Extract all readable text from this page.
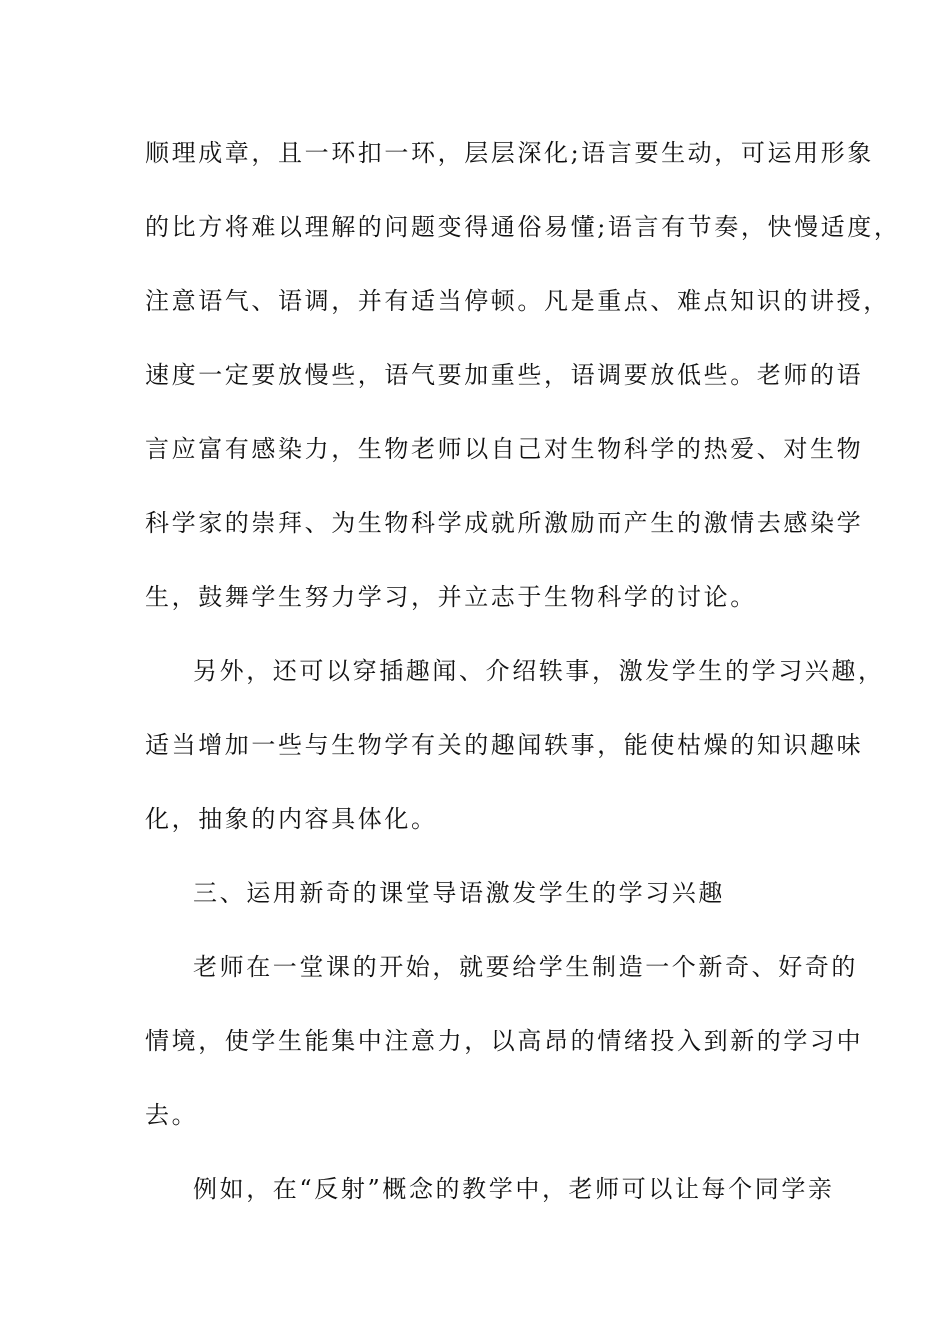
顺理成章，且一环扣一环，层层深化;语言要生动，可运用形象
的比方将难以理解的问题变得通俗易懂;语言有节奏，快慢适度，
注意语气、语调，并有适当停顿。凡是重点、难点知识的讲授，
速度一定要放慢些，语气要加重些，语调要放低些。老师的语
言应富有感染力，生物老师以自己对生物科学的热爱、对生物
科学家的崇拜、为生物科学成就所激励而产生的激情去感染学
生，鼓舞学生努力学习，并立志于生物科学的讨论。
另外，还可以穿插趣闻、介绍轶事，激发学生的学习兴趣，
适当增加一些与生物学有关的趣闻轶事，能使枯燥的知识趣味
化，抽象的内容具体化。
三、运用新奇的课堂导语激发学生的学习兴趣
老师在一堂课的开始，就要给学生制造一个新奇、好奇的
情境，使学生能集中注意力，以高昂的情绪投入到新的学习中
去。
例如，在“反射”概念的教学中，老师可以让每个同学亲
